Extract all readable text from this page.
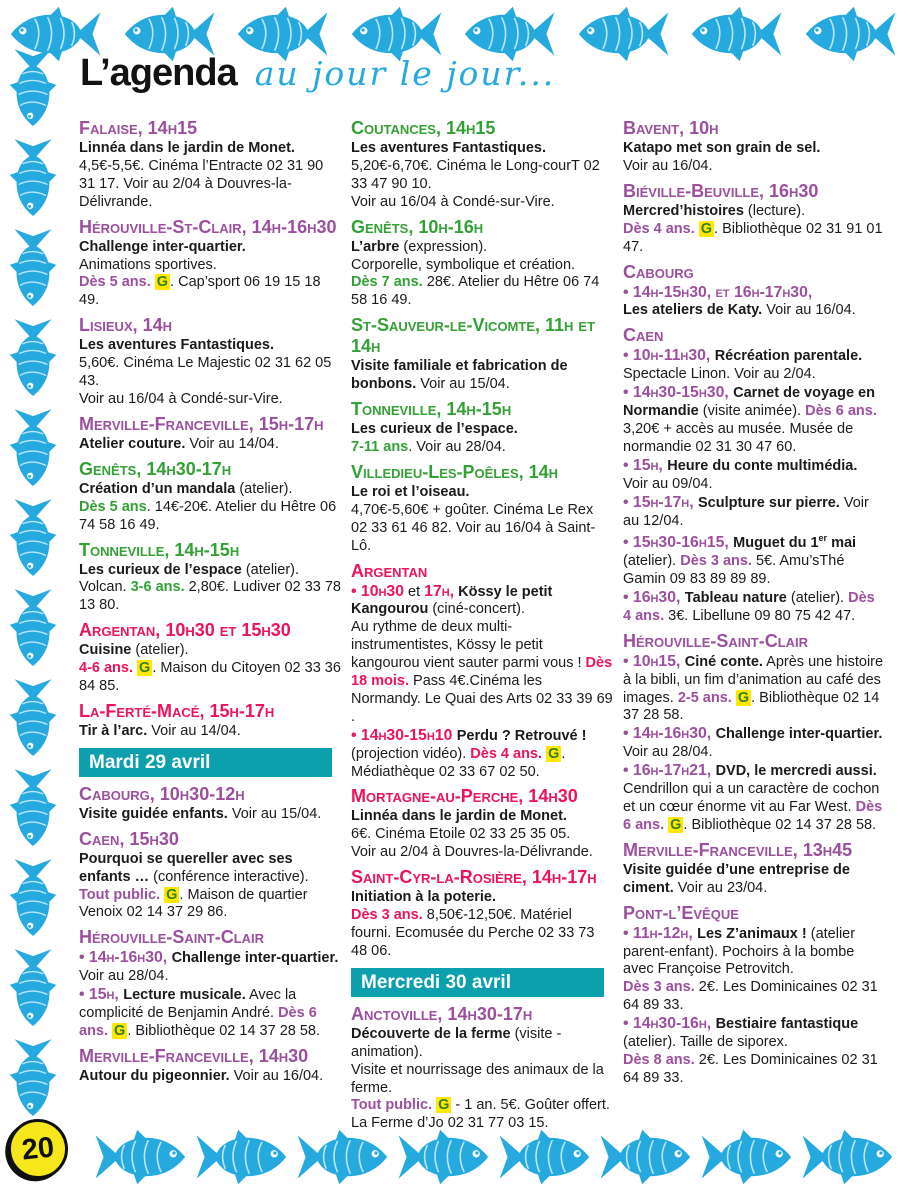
L’agenda au jour le jour...
Falaise, 14h15

Linnéa dans le jardin de Monet.

4,5€-5,5€. Cinéma l’Entracte 02 31 90 31 17. Voir au 2/04 à Douvres-la-Délivrande.

Hérouville-St-Clair, 14h-16h30

Challenge inter-quartier.

Animations sportives.

Dès 5 ans. G . Cap’sport 06 19 15 18 49.

Lisieux, 14h

Les aventures Fantastiques.

5,60€. Cinéma Le Majestic 02 31 62 05 43.

Voir au 16/04 à Condé-sur-Vire.

Merville-Franceville, 15h-17h

Atelier couture. Voir au 14/04.

Genêts, 14h30-17h

Création d’un mandala (atelier).

Dès 5 ans. 14€-20€. Atelier du Hêtre 06 74 58 16 49.

Tonneville, 14h-15h

Les curieux de l’espace (atelier).

Volcan. 3-6 ans. 2,80€. Ludiver 02 33 78 13 80.

Argentan, 10h30 et 15h30

Cuisine (atelier).

4-6 ans. G . Maison du Citoyen 02 33 36 84 85.

La-Ferté-Macé, 15h-17h

Tir à l’arc. Voir au 14/04.

Mardi 29 avril
Cabourg, 10h30-12h

Visite guidée enfants. Voir au 15/04.

Caen, 15h30

Pourquoi se quereller avec ses enfants … (conférence interactive).

Tout public. G . Maison de quartier Venoix 02 14 37 29 86.

Hérouville-Saint-Clair

• 14h-16h30, Challenge inter-quartier. Voir au 28/04.

• 15h, Lecture musicale. Avec la complicité de Benjamin André. Dès 6 ans. G . Bibliothèque 02 14 37 28 58.

Merville-Franceville, 14h30

Autour du pigeonnier. Voir au 16/04.

Coutances, 14h15

Les aventures Fantastiques.

5,20€-6,70€. Cinéma le Long-courT 02 33 47 90 10.

Voir au 16/04 à Condé-sur-Vire.

Genêts, 10h-16h

L’arbre (expression).

Corporelle, symbolique et création.

Dès 7 ans. 28€. Atelier du Hêtre 06 74 58 16 49.

St-Sauveur-le-Vicomte, 11h et 14h

Visite familiale et fabrication de bonbons. Voir au 15/04.

Tonneville, 14h-15h

Les curieux de l’espace.

7-11 ans. Voir au 28/04.

Villedieu-Les-Poêles, 14h

Le roi et l’oiseau.

4,70€-5,60€ + goûter. Cinéma Le Rex 02 33 61 46 82. Voir au 16/04 à Saint-Lô.

Argentan

• 10h30 et 17h, Kössy le petit Kangourou (ciné-concert).

Au rythme de deux multi-instrumentistes, Kössy le petit kangourou vient sauter parmi vous ! Dès 18 mois. Pass 4€.Cinéma les Normandy. Le Quai des Arts 02 33 39 69 .

• 14h30-15h10 Perdu ? Retrouvé ! (projection vidéo). Dès 4 ans. G . Médiathèque 02 33 67 02 50.

Mortagne-au-Perche, 14h30

Linnéa dans le jardin de Monet.

6€. Cinéma Etoile 02 33 25 35 05.

Voir au 2/04 à Douvres-la-Délivrande.

Saint-Cyr-la-Rosière, 14h-17h

Initiation à la poterie.

Dès 3 ans. 8,50€-12,50€. Matériel fourni. Ecomusée du Perche 02 33 73 48 06.

Mercredi 30 avril
Anctoville, 14h30-17h

Découverte de la ferme (visite - animation).

Visite et nourrissage des animaux de la ferme.

Tout public. G - 1 an. 5€. Goûter offert. La Ferme d’Jo 02 31 77 03 15.

Bavent, 10h

Katapo met son grain de sel.

Voir au 16/04.

Biéville-Beuville, 16h30

Mercred’histoires (lecture).

Dès 4 ans. G . Bibliothèque 02 31 91 01 47.

Cabourg

• 14h-15h30, et 16h-17h30,

Les ateliers de Katy. Voir au 16/04.

Caen

• 10h-11h30, Récréation parentale. Spectacle Linon. Voir au 2/04.

• 14h30-15h30, Carnet de voyage en Normandie (visite animée). Dès 6 ans. 3,20€ + accès au musée. Musée de normandie 02 31 30 47 60.

• 15h, Heure du conte multimédia. Voir au 09/04.

• 15h-17h, Sculpture sur pierre. Voir au 12/04.

• 15h30-16h15, Muguet du 1er mai (atelier). Dès 3 ans. 5€. Amu’sThé Gamin 09 83 89 89 89.

• 16h30, Tableau nature (atelier). Dès 4 ans. 3€. Libellune 09 80 75 42 47.

Hérouville-Saint-Clair

• 10h15, Ciné conte. Après une histoire à la bibli, un fim d’animation au café des images. 2-5 ans. G . Bibliothèque 02 14 37 28 58.

• 14h-16h30, Challenge inter-quartier. Voir au 28/04.

• 16h-17h21, DVD, le mercredi aussi. Cendrillon qui a un caractère de cochon et un cœur énorme vit au Far West. Dès 6 ans. G . Bibliothèque 02 14 37 28 58.

Merville-Franceville, 13h45

Visite guidée d’une entreprise de ciment. Voir au 23/04.

Pont-l’Evêque

• 11h-12h, Les Z’animaux ! (atelier parent-enfant). Pochoirs à la bombe avec Françoise Petrovitch.

Dès 3 ans. 2€. Les Dominicaines 02 31 64 89 33.

• 14h30-16h, Bestiaire fantastique (atelier). Taille de siporex.

Dès 8 ans. 2€. Les Dominicaines 02 31 64 89 33.

20
